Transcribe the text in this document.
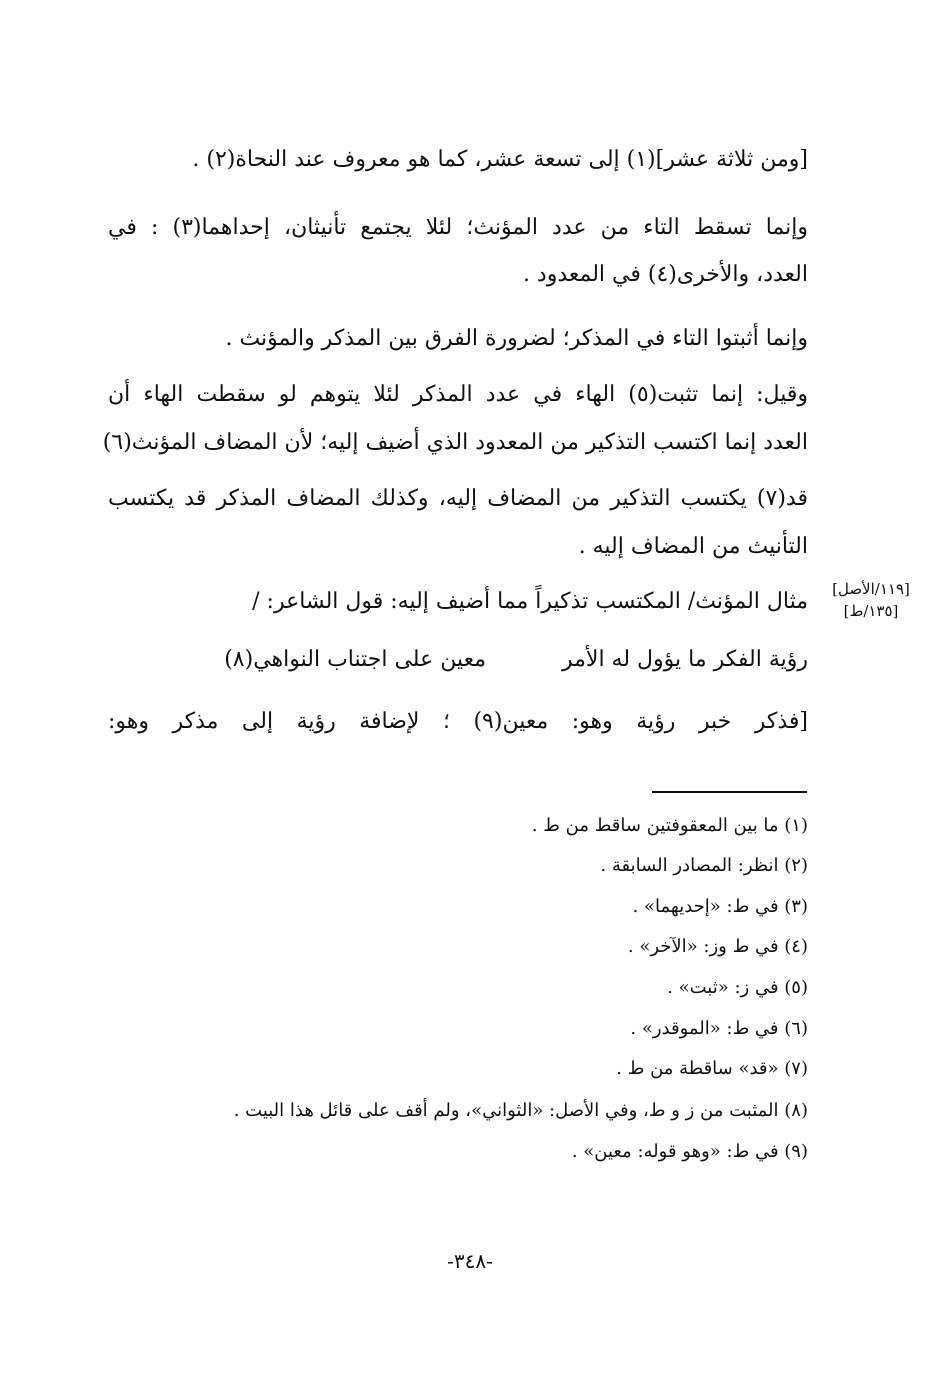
[ومن ثلاثة عشر](١) إلى تسعة عشر، كما هو معروف عند النحاة(٢) .
وإنما تسقط التاء من عدد المؤنث؛ لئلا يجتمع تأنيثان، إحداهما(٣) : في
العدد، والأخرى(٤) في المعدود .
وإنما أثبتوا التاء في المذكر؛ لضرورة الفرق بين المذكر والمؤنث .
وقيل: إنما تثبت(٥) الهاء في عدد المذكر لئلا يتوهم لو سقطت الهاء أن
العدد إنما اكتسب التذكير من المعدود الذي أضيف إليه؛ لأن المضاف المؤنث(٦)
قد(٧) يكتسب التذكير من المضاف إليه، وكذلك المضاف المذكر قد يكتسب
التأنيث من المضاف إليه .
مثال المؤنث/ المكتسب تذكيراً مما أضيف إليه: قول الشاعر: /	[١١٩/الأصل]
[١٣٥/ط]
رؤية الفكر ما يؤول له الأمر
معين على اجتناب النواهي(٨)
[فذكر خبر رؤية وهو: معين(٩) ؛ لإضافة رؤية إلى مذكر وهو:
(١) ما بين المعقوفتين ساقط من ط .
(٢) انظر: المصادر السابقة .
(٣) في ط: «إحديهما» .
(٤) في ط وز: «الآخر» .
(٥) في ز: «ثبت» .
(٦) في ط: «الموقدر» .
(٧) «قد» ساقطة من ط .
(٨) المثبت من ز و ط، وفي الأصل: «الثواني»، ولم أقف على قائل هذا البيت .
(٩) في ط: «وهو قوله: معين» .
-٣٤٨-
